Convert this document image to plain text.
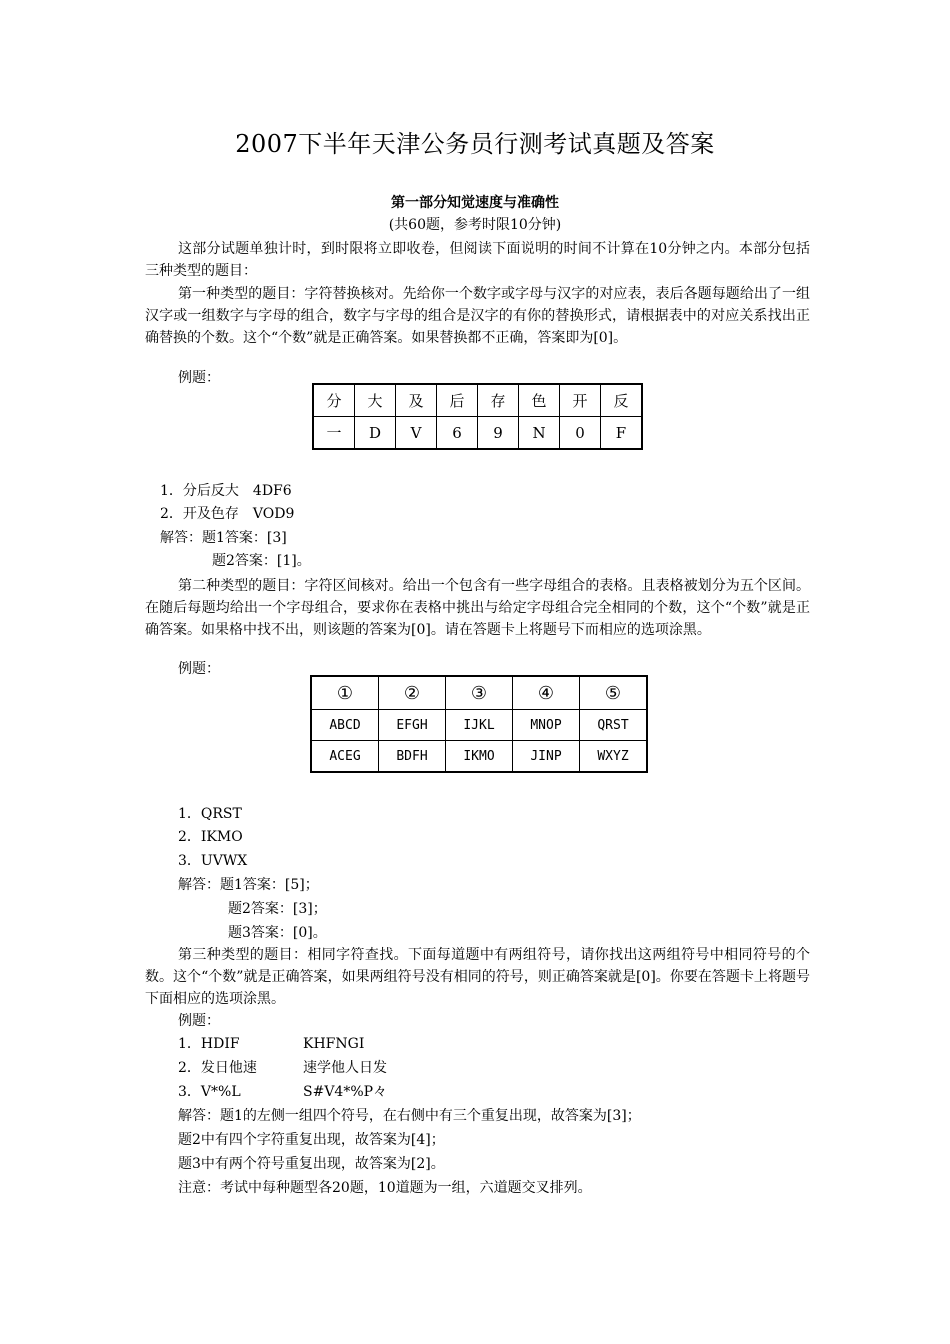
2007下半年天津公务员行测考试真题及答案
第一部分知觉速度与准确性
(共60题，参考时限10分钟)

这部分试题单独计时，到时限将立即收卷，但阅读下面说明的时间不计算在10分钟之内。本部分包括三种类型的题目：

第一种类型的题目：字符替换核对。先给你一个数字或字母与汉字的对应表，表后各题每题给出了一组汉字或一组数字与字母的组合，数字与字母的组合是汉字的有你的替换形式，请根据表中的对应关系找出正确替换的个数。这个“个数”就是正确答案。如果替换都不正确，答案即为[0]。

例题：
分	大	及	后	存	色	开	反
一	D	V	6	9	N	0	F
1．分后反大　4DF6
2．开及色存　VOD9
解答：题1答案：[3]
题2答案：[1]。

第二种类型的题目：字符区间核对。给出一个包含有一些字母组合的表格。且表格被划分为五个区间。在随后每题均给出一个字母组合，要求你在表格中挑出与给定字母组合完全相同的个数，这个“个数”就是正确答案。如果格中找不出，则该题的答案为[0]。请在答题卡上将题号下而相应的选项涂黑。

例题：
①	②	③	④	⑤
ABCD	EFGH	IJKL	MNOP	QRST
ACEG	BDFH	IKMO	JINP	WXYZ
1．QRST
2．IKMO
3．UVWX
解答：题1答案：[5]；
题2答案：[3]；
题3答案：[0]。

第三种类型的题目：相同字符查找。下面每道题中有两组符号，请你找出这两组符号中相同符号的个数。这个“个数”就是正确答案，如果两组符号没有相同的符号，则正确答案就是[0]。你要在答题卡上将题号下面相应的选项涂黑。

例题：
1．HDIF	KHFNGI
2．发日他速	速学他人日发
3．V*%L	S#V4*%P々
解答：题1的左侧一组四个符号，在右侧中有三个重复出现，故答案为[3]；
题2中有四个字符重复出现，故答案为[4]；
题3中有两个符号重复出现，故答案为[2]。
注意：考试中每种题型各20题，10道题为一组，六道题交叉排列。
